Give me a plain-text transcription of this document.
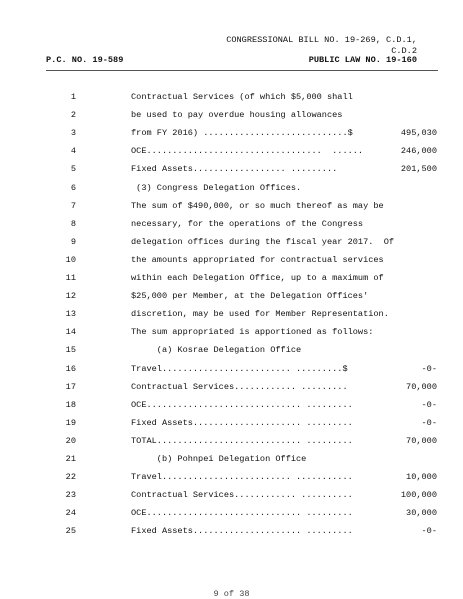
CONGRESSIONAL BILL NO. 19-269, C.D.1,
C.D.2
P.C. NO. 19-589	PUBLIC LAW NO. 19-160
1	Contractual Services (of which $5,000 shall
2	be used to pay overdue housing allowances
3	from FY 2016) ............................$	495,030
4	OCE..................................  ......	246,000
5	Fixed Assets.................. .........	201,500
6	(3) Congress Delegation Offices.
7	The sum of $490,000, or so much thereof as may be
8	necessary, for the operations of the Congress
9	delegation offices during the fiscal year 2017.  Of
10	the amounts appropriated for contractual services
11	within each Delegation Office, up to a maximum of
12	$25,000 per Member, at the Delegation Offices'
13	discretion, may be used for Member Representation.
14	The sum appropriated is apportioned as follows:
15	(a) Kosrae Delegation Office
16	Travel......................... .........$	-0-
17	Contractual Services............ .........	70,000
18	OCE.............................. .........	-0-
19	Fixed Assets..................... .........	-0-
20	TOTAL............................ .........	70,000
21	(b) Pohnpei Delegation Office
22	Travel......................... ...........	10,000
23	Contractual Services............ ..........	100,000
24	OCE.............................. .........	30,000
25	Fixed Assets..................... .........	-0-
9 of 38
